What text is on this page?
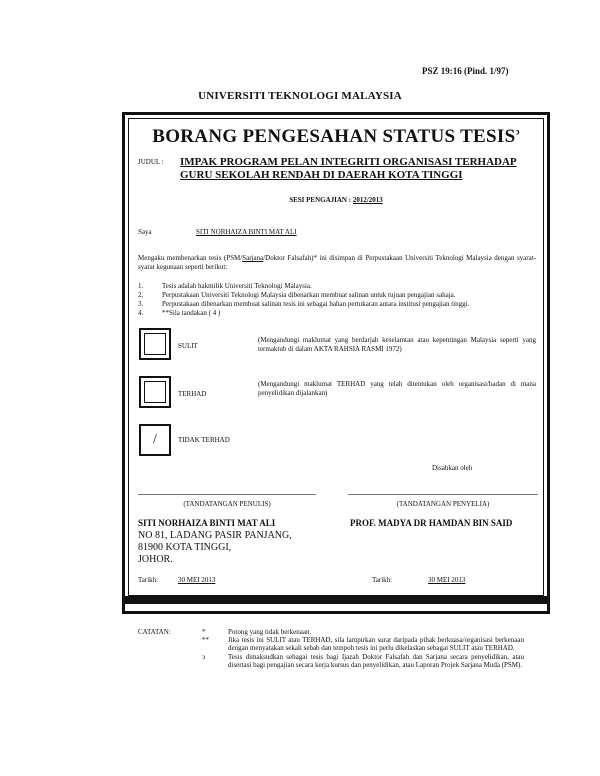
PSZ 19:16 (Pind. 1/97)
UNIVERSITI TEKNOLOGI MALAYSIA
BORANG PENGESAHAN STATUS $TESIS^ↄ$
JUDUL : IMPAK PROGRAM PELAN INTEGRITI ORGANISASI TERHADAP
GURU SEKOLAH RENDAH DI DAERAH KOTA TINGGI
SESI PENGAJIAN : 2012/2013
Saya	SITI NORHAIZA BINTI MAT ALI
Mengaku membenarkan tesis (PSM/Sarjana/Doktor Falsafah)* ini disimpan di Perpustakaan Universiti Teknologi Malaysia dengan syarat-syarat kegunaan seperti berikut:
1.	Tesis adalah hakmilik Universiti Teknologi Malaysia.
2.	Perpustakaan Universiti Teknologi Malaysia dibenarkan membuat salinan untuk tujuan pengajian sahaja.
3.	Perpustakaan dibenarkan membuat salinan tesis ini sebagai bahan pertukaran antara institusi pengajian tinggi.
4.	**Sila tandakan ( 4 )
SULIT
(Mengandungi maklumat yang berdarjah keselamtan atau kepentingan Malaysia seperti yang termaktub di dalam AKTA RAHSIA RASMI 1972)
TERHAD
(Mengandungi maklumat TERHAD yang telah ditentukan oleh organisasi/badan di mana penyelidikan dijalankan)
/	TIDAK TERHAD
Disahkan oleh
(TANDATANGAN PENULIS)	(TANDATANGAN PENYELIA)
SITI NORHAIZA BINTI MAT ALI
NO 81, LADANG PASIR PANJANG,
81900 KOTA TINGGI,
JOHOR.
PROF. MADYA DR HAMDAN BIN SAID
Tarikh:	30 MEI 2013	Tarikh:	30 MEI 2013
CATATAN:	*	Potong yang tidak berkenaan.
**	Jika tesis ini SULIT atau TERHAD, sila lampirkan surat daripada pihak berkuasa/organisasi berkenaan dengan menyatakan sekali sebab dan tempoh tesis ini perlu dikelaskan sebagai SULIT atau TERHAD.
ↄ	Tesis dimaksudkan sebagai tesis bagi Ijazah Doktor Falsafah dan Sarjana secara penyelidikan, atau disertasi bagi pengajian secara kerja kursus dan penyelidikan, atau Laporan Projek Sarjana Muda (PSM).
